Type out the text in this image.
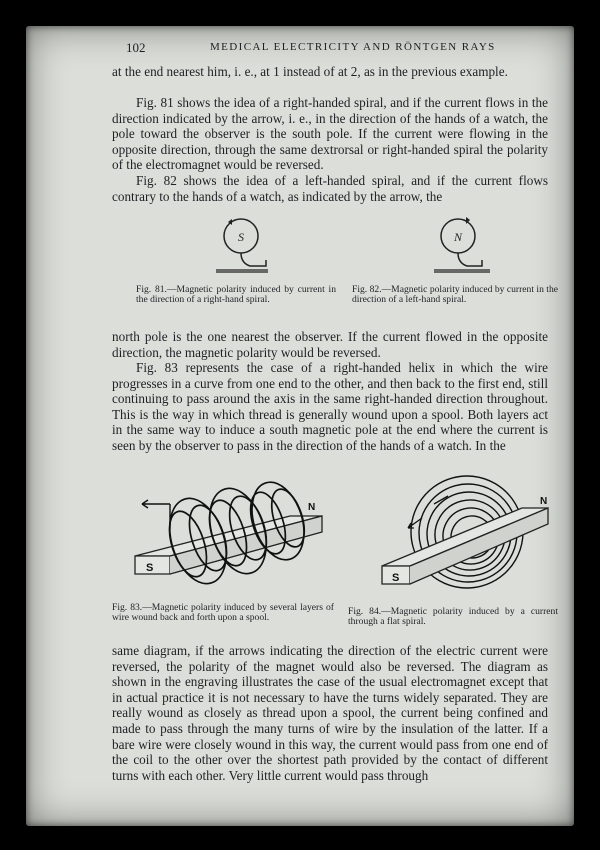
102	MEDICAL ELECTRICITY AND RÖNTGEN RAYS

at the end nearest him, i. e., at 1 instead of at 2, as in the previous example.

Fig. 81 shows the idea of a right-handed spiral, and if the current flows in the direction indicated by the arrow, i. e., in the direction of the hands of a watch, the pole toward the observer is the south pole. If the current were flowing in the opposite direction, through the same dextrorsal or right-handed spiral the polarity of the electromagnet would be reversed.

Fig. 82 shows the idea of a left-handed spiral, and if the current flows contrary to the hands of a watch, as indicated by the arrow, the

S

Fig. 81.—Magnetic polarity induced by current in the direction of a right-hand spiral.

N

Fig. 82.—Magnetic polarity induced by current in the direction of a left-hand spiral.

north pole is the one nearest the observer. If the current flowed in the opposite direction, the magnetic polarity would be reversed.

Fig. 83 represents the case of a right-handed helix in which the wire progresses in a curve from one end to the other, and then back to the first end, still continuing to pass around the axis in the same right-handed direction throughout. This is the way in which thread is generally wound upon a spool. Both layers act in the same way to induce a south magnetic pole at the end where the current is seen by the observer to pass in the direction of the hands of a watch. In the

S
N

Fig. 83.—Magnetic polarity induced by several layers of wire wound back and forth upon a spool.

S
N

Fig. 84.—Magnetic polarity induced by a current through a flat spiral.

same diagram, if the arrows indicating the direction of the electric current were reversed, the polarity of the magnet would also be reversed. The diagram as shown in the engraving illustrates the case of the usual electromagnet except that in actual practice it is not necessary to have the turns widely separated. They are really wound as closely as thread upon a spool, the current being confined and made to pass through the many turns of wire by the insulation of the latter. If a bare wire were closely wound in this way, the current would pass from one end of the coil to the other over the shortest path provided by the contact of different turns with each other. Very little current would pass through
